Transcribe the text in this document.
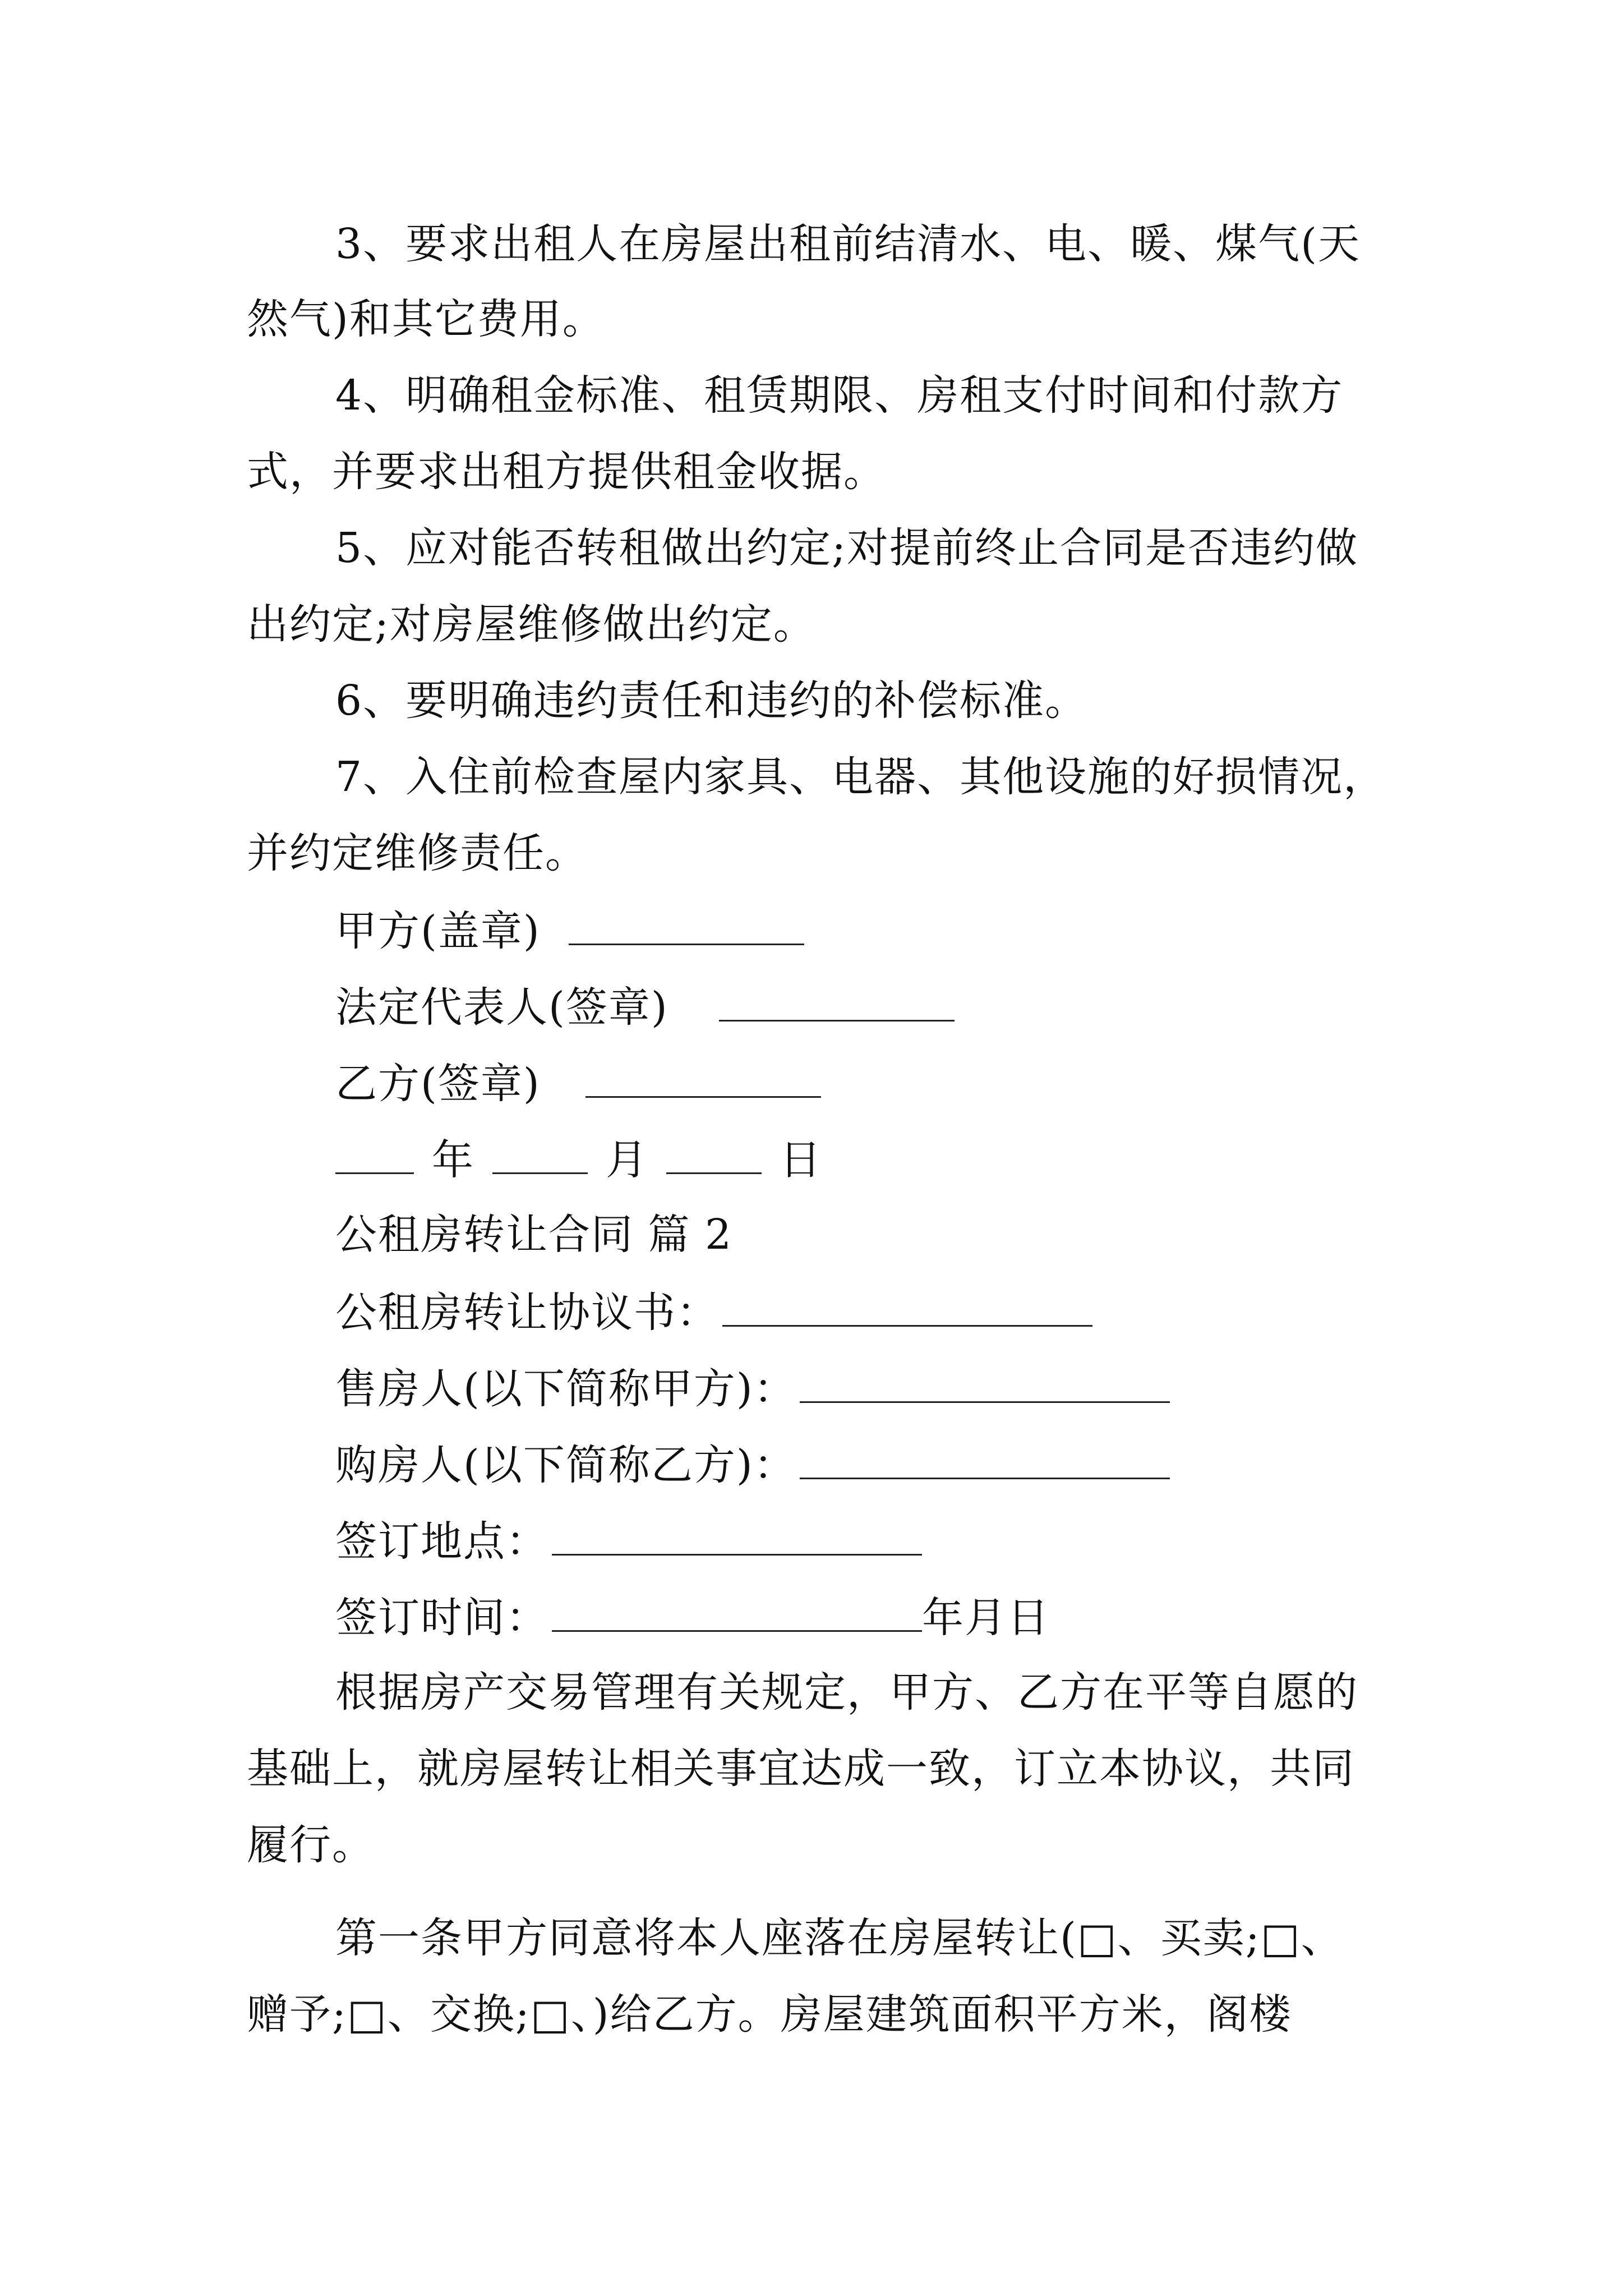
3、要求出租人在房屋出租前结清水、电、暖、煤气(天
然气)和其它费用。
4、明确租金标准、租赁期限、房租支付时间和付款方
式，并要求出租方提供租金收据。
5、应对能否转租做出约定;对提前终止合同是否违约做
出约定;对房屋维修做出约定。
6、要明确违约责任和违约的补偿标准。
7、入住前检查屋内家具、电器、其他设施的好损情况，
并约定维修责任。
甲方(盖章)
法定代表人(签章)
乙方(签章)
年	月	日
公租房转让合同 篇 2
公租房转让协议书：
售房人(以下简称甲方)：
购房人(以下简称乙方)：
签订地点：
签订时间：	年月日
根据房产交易管理有关规定，甲方、乙方在平等自愿的
基础上，就房屋转让相关事宜达成一致，订立本协议，共同
履行。
第一条甲方同意将本人座落在房屋转让(□、买卖;□、
赠予;□、交换;□、)给乙方。房屋建筑面积平方米，阁楼
